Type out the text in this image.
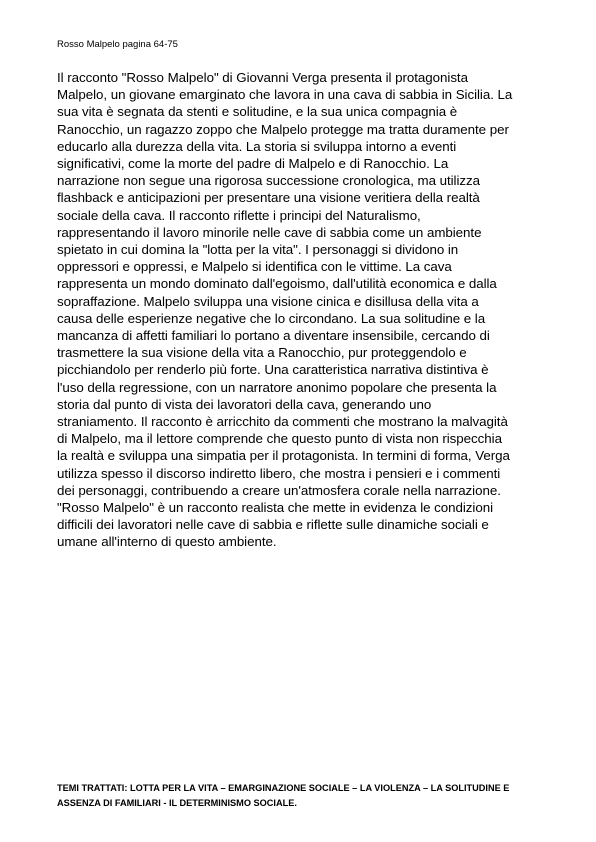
Rosso Malpelo pagina 64-75

Il racconto "Rosso Malpelo" di Giovanni Verga presenta il protagonista
Malpelo, un giovane emarginato che lavora in una cava di sabbia in Sicilia. La
sua vita è segnata da stenti e solitudine, e la sua unica compagnia è
Ranocchio, un ragazzo zoppo che Malpelo protegge ma tratta duramente per
educarlo alla durezza della vita. La storia si sviluppa intorno a eventi
significativi, come la morte del padre di Malpelo e di Ranocchio. La
narrazione non segue una rigorosa successione cronologica, ma utilizza
flashback e anticipazioni per presentare una visione veritiera della realtà
sociale della cava. Il racconto riflette i principi del Naturalismo,
rappresentando il lavoro minorile nelle cave di sabbia come un ambiente
spietato in cui domina la "lotta per la vita". I personaggi si dividono in
oppressori e oppressi, e Malpelo si identifica con le vittime. La cava
rappresenta un mondo dominato dall'egoismo, dall'utilità economica e dalla
sopraffazione. Malpelo sviluppa una visione cinica e disillusa della vita a
causa delle esperienze negative che lo circondano. La sua solitudine e la
mancanza di affetti familiari lo portano a diventare insensibile, cercando di
trasmettere la sua visione della vita a Ranocchio, pur proteggendolo e
picchiandolo per renderlo più forte. Una caratteristica narrativa distintiva è
l'uso della regressione, con un narratore anonimo popolare che presenta la
storia dal punto di vista dei lavoratori della cava, generando uno
straniamento. Il racconto è arricchito da commenti che mostrano la malvagità
di Malpelo, ma il lettore comprende che questo punto di vista non rispecchia
la realtà e sviluppa una simpatia per il protagonista. In termini di forma, Verga
utilizza spesso il discorso indiretto libero, che mostra i pensieri e i commenti
dei personaggi, contribuendo a creare un'atmosfera corale nella narrazione.
"Rosso Malpelo" è un racconto realista che mette in evidenza le condizioni
difficili dei lavoratori nelle cave di sabbia e riflette sulle dinamiche sociali e
umane all'interno di questo ambiente.

TEMI TRATTATI: LOTTA PER LA VITA – EMARGINAZIONE SOCIALE – LA VIOLENZA – LA SOLITUDINE E
ASSENZA DI FAMILIARI - IL DETERMINISMO SOCIALE.
